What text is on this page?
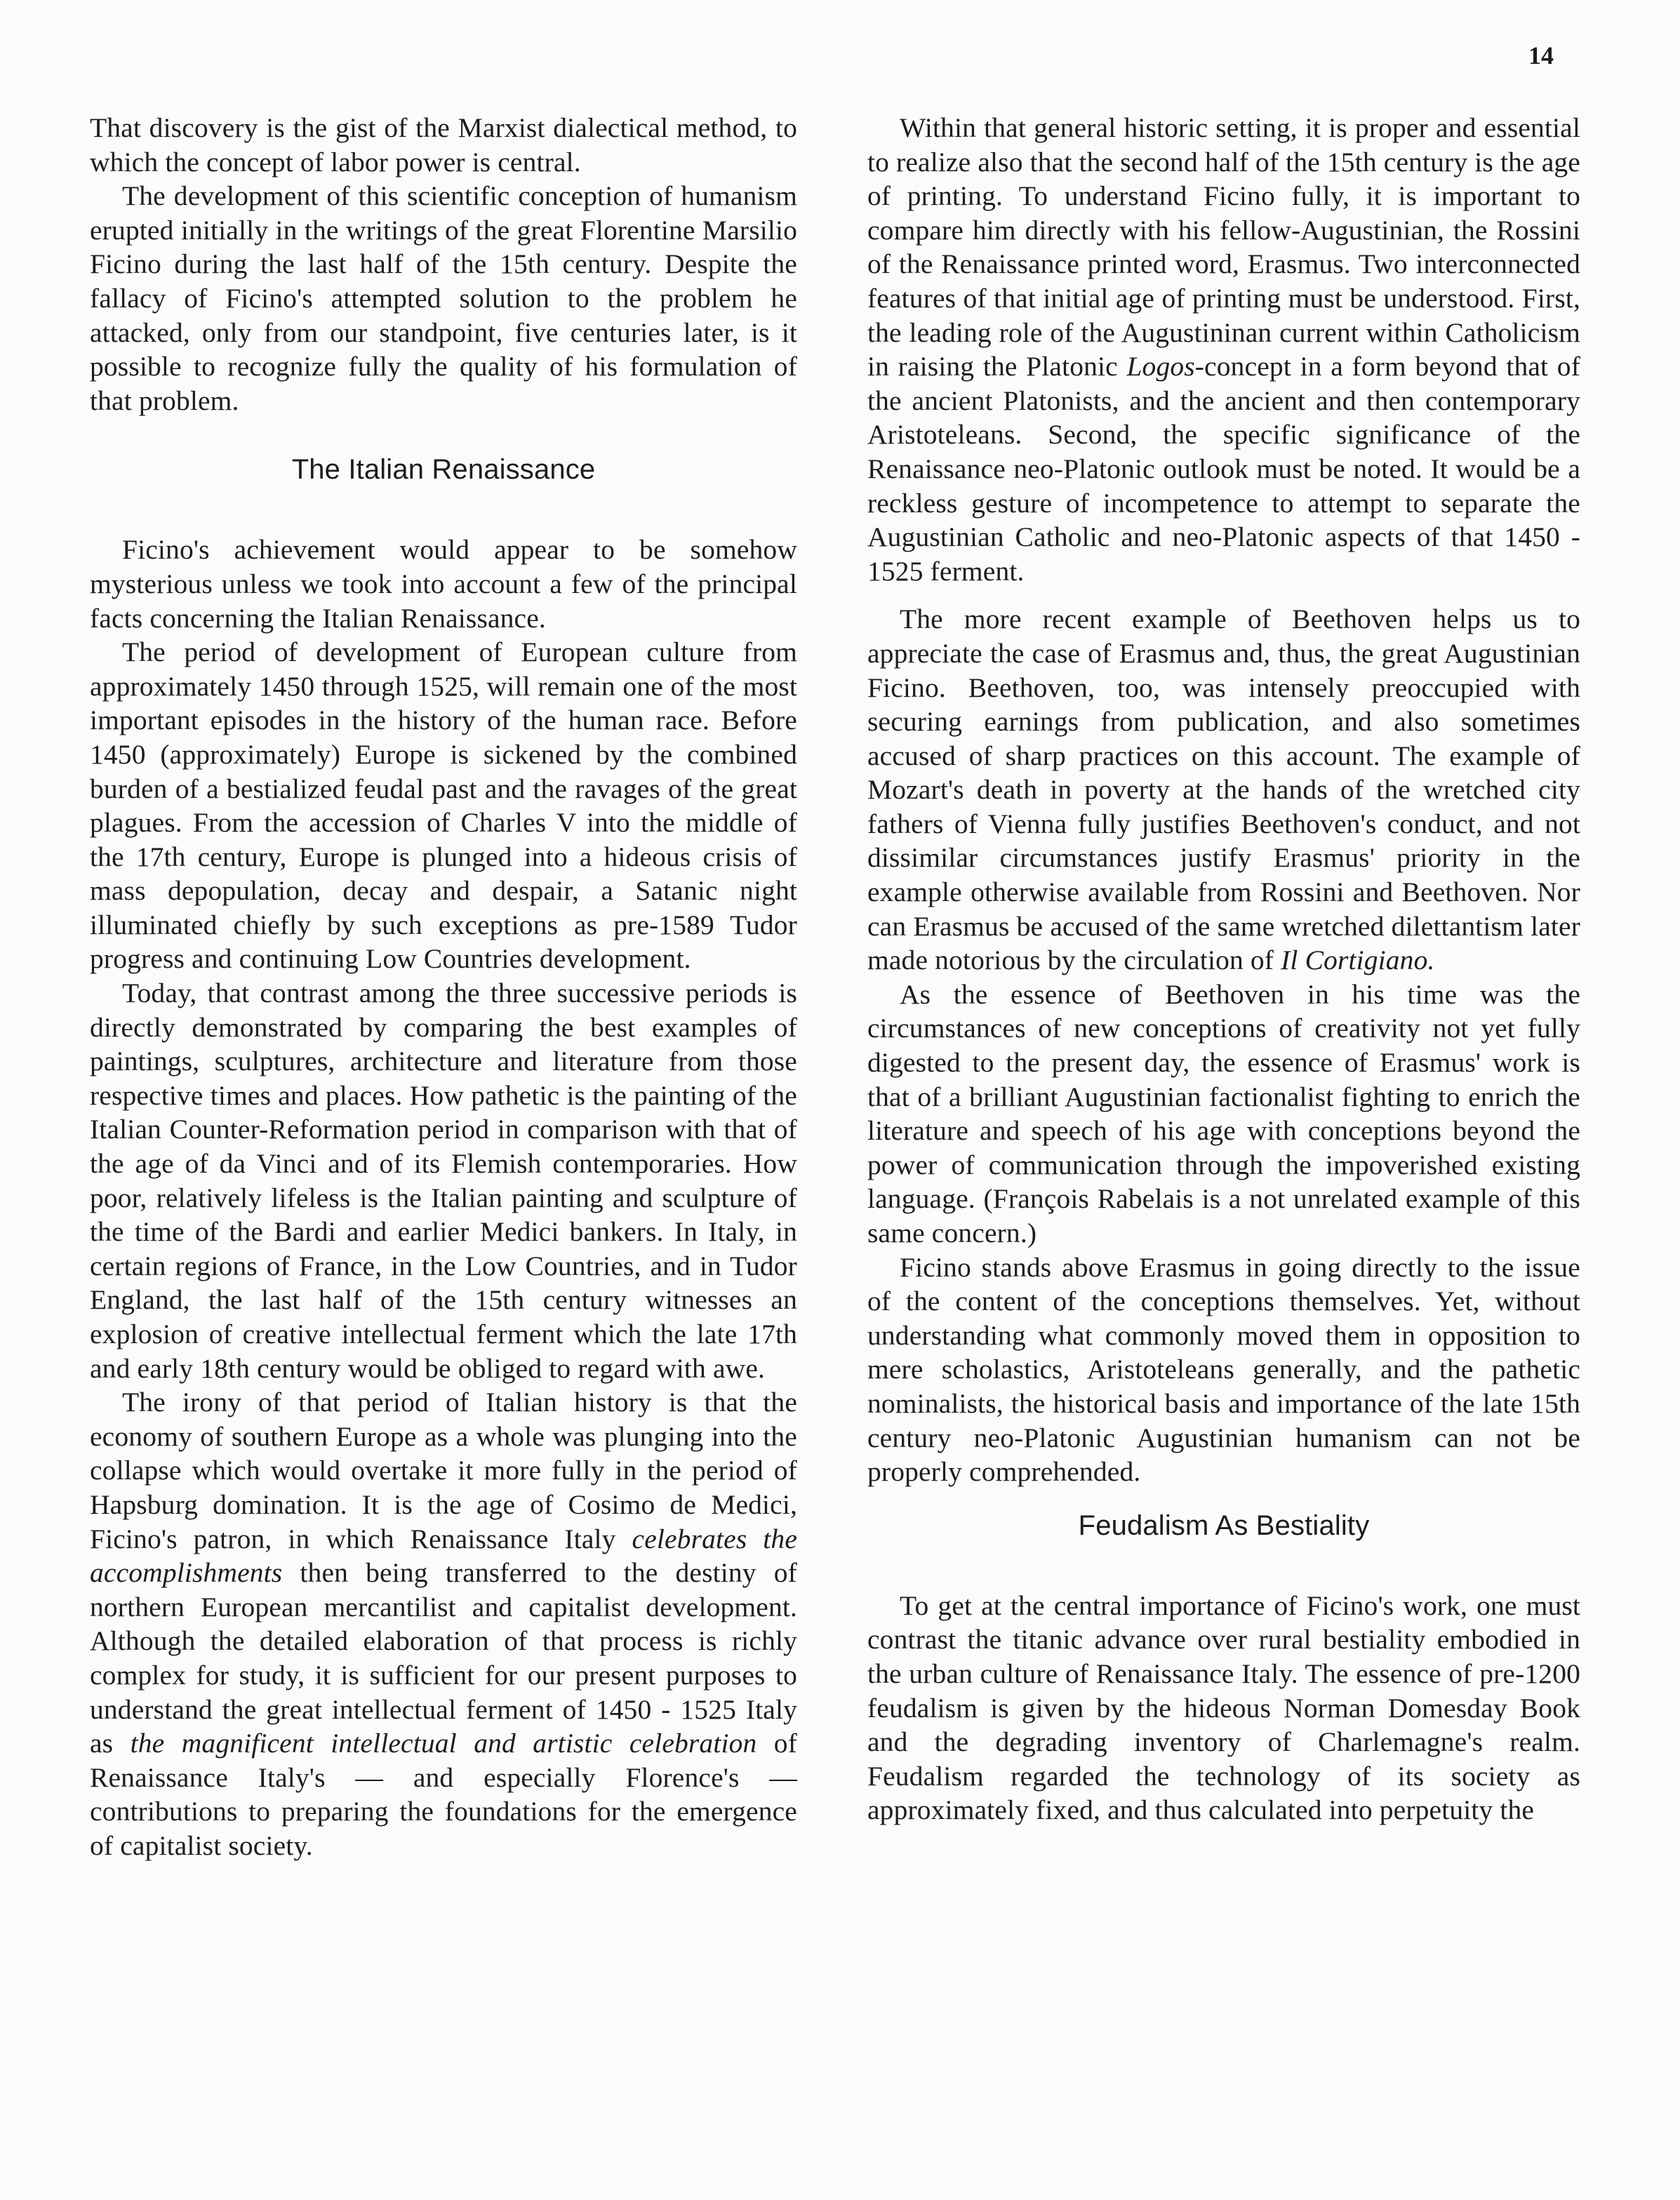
14

That discovery is the gist of the Marxist dialectical method, to which the concept of labor power is central.

The development of this scientific conception of humanism erupted initially in the writings of the great Florentine Marsilio Ficino during the last half of the 15th century. Despite the fallacy of Ficino's attempted solution to the problem he attacked, only from our standpoint, five centuries later, is it possible to recognize fully the quality of his formulation of that problem.

The Italian Renaissance

Ficino's achievement would appear to be somehow mysterious unless we took into account a few of the principal facts concerning the Italian Renaissance.

The period of development of European culture from approximately 1450 through 1525, will remain one of the most important episodes in the history of the human race. Before 1450 (approximately) Europe is sickened by the combined burden of a bestialized feudal past and the ravages of the great plagues. From the accession of Charles V into the middle of the 17th century, Europe is plunged into a hideous crisis of mass depopulation, decay and despair, a Satanic night illuminated chiefly by such exceptions as pre-1589 Tudor progress and continuing Low Countries development.

Today, that contrast among the three successive periods is directly demonstrated by comparing the best examples of paintings, sculptures, architecture and literature from those respective times and places. How pathetic is the painting of the Italian Counter-Reformation period in comparison with that of the age of da Vinci and of its Flemish contemporaries. How poor, relatively lifeless is the Italian painting and sculpture of the time of the Bardi and earlier Medici bankers. In Italy, in certain regions of France, in the Low Countries, and in Tudor England, the last half of the 15th century witnesses an explosion of creative intellectual ferment which the late 17th and early 18th century would be obliged to regard with awe.

The irony of that period of Italian history is that the economy of southern Europe as a whole was plunging into the collapse which would overtake it more fully in the period of Hapsburg domination. It is the age of Cosimo de Medici, Ficino's patron, in which Renaissance Italy celebrates the accomplishments then being transferred to the destiny of northern European mercantilist and capitalist development. Although the detailed elaboration of that process is richly complex for study, it is sufficient for our present purposes to understand the great intellectual ferment of 1450 - 1525 Italy as the magnificent intellectual and artistic celebration of Renaissance Italy's — and especially Florence's — contributions to preparing the foundations for the emergence of capitalist society.

Within that general historic setting, it is proper and essential to realize also that the second half of the 15th century is the age of printing. To understand Ficino fully, it is important to compare him directly with his fellow-Augustinian, the Rossini of the Renaissance printed word, Erasmus. Two interconnected features of that initial age of printing must be understood. First, the leading role of the Augustininan current within Catholicism in raising the Platonic Logos-concept in a form beyond that of the ancient Platonists, and the ancient and then contemporary Aristoteleans. Second, the specific significance of the Renaissance neo-Platonic outlook must be noted. It would be a reckless gesture of incompetence to attempt to separate the Augustinian Catholic and neo-Platonic aspects of that 1450 - 1525 ferment.

The more recent example of Beethoven helps us to appreciate the case of Erasmus and, thus, the great Augustinian Ficino. Beethoven, too, was intensely preoccupied with securing earnings from publication, and also sometimes accused of sharp practices on this account. The example of Mozart's death in poverty at the hands of the wretched city fathers of Vienna fully justifies Beethoven's conduct, and not dissimilar circumstances justify Erasmus' priority in the example otherwise available from Rossini and Beethoven. Nor can Erasmus be accused of the same wretched dilettantism later made notorious by the circulation of Il Cortigiano.

As the essence of Beethoven in his time was the circumstances of new conceptions of creativity not yet fully digested to the present day, the essence of Erasmus' work is that of a brilliant Augustinian factionalist fighting to enrich the literature and speech of his age with conceptions beyond the power of communication through the impoverished existing language. (François Rabelais is a not unrelated example of this same concern.)

Ficino stands above Erasmus in going directly to the issue of the content of the conceptions themselves. Yet, without understanding what commonly moved them in opposition to mere scholastics, Aristoteleans generally, and the pathetic nominalists, the historical basis and importance of the late 15th century neo-Platonic Augustinian humanism can not be properly comprehended.

Feudalism As Bestiality

To get at the central importance of Ficino's work, one must contrast the titanic advance over rural bestiality embodied in the urban culture of Renaissance Italy. The essence of pre-1200 feudalism is given by the hideous Norman Domesday Book and the degrading inventory of Charlemagne's realm. Feudalism regarded the technology of its society as approximately fixed, and thus calculated into perpetuity the
